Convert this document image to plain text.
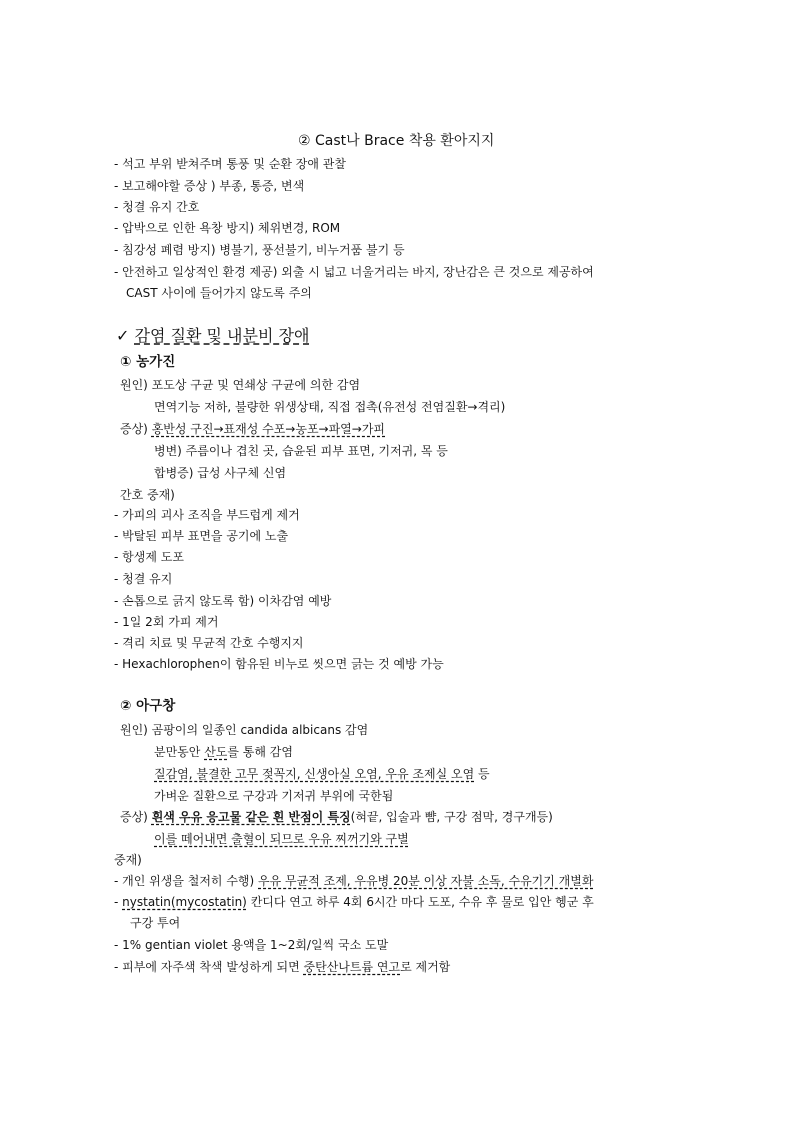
② Cast나 Brace 착용 환아지지
- 석고 부위 받쳐주며 통풍 및 순환 장애 관찰
- 보고해야할 증상 ) 부종, 통증, 변색
- 청결 유지 간호
- 압박으로 인한 욕창 방지) 체위변경, ROM
- 침강성 폐렴 방지) 병불기, 풍선불기, 비누거품 불기 등
- 안전하고 일상적인 환경 제공) 외출 시 넓고 너울거리는 바지, 장난감은 큰 것으로 제공하여
CAST 사이에 들어가지 않도록 주의
✓ 감염 질환 및 내분비 장애
① 농가진
원인) 포도상 구균 및 연쇄상 구균에 의한 감염
면역기능 저하, 불량한 위생상태, 직접 접촉(유전성 전염질환→격리)
증상) 홍반성 구진→표재성 수포→농포→파열→가피
병변) 주름이나 겹친 곳, 습윤된 피부 표면, 기저귀, 목 등
합병증) 급성 사구체 신염
간호 중재)
- 가피의 괴사 조직을 부드럽게 제거
- 박탈된 피부 표면을 공기에 노출
- 항생제 도포
- 청결 유지
- 손톱으로 긁지 않도록 함) 이차감염 예방
- 1일 2회 가피 제거
- 격리 치료 및 무균적 간호 수행지지
- Hexachlorophen이 함유된 비누로 씻으면 긁는 것 예방 가능
② 아구창
원인) 곰팡이의 일종인 candida albicans 감염
분만동안 산도를 통해 감염
질감염, 불결한 고무 젖꼭지, 신생아실 오염, 우유 조제실 오염 등
가벼운 질환으로 구강과 기저귀 부위에 국한됨
증상) 흰색 우유 응고물 같은 흰 반점이 특징(혀끝, 입술과 뺨, 구강 점막, 경구개등)
이를 떼어내면 출혈이 되므로 우유 찌꺼기와 구별
중재)
- 개인 위생을 철저히 수행) 우유 무균적 조제, 우유병 20분 이상 자불 소독, 수유기기 개별화
- nystatin(mycostatin) 칸디다 연고 하루 4회 6시간 마다 도포, 수유 후 물로 입안 헹군 후
구강 투여
- 1% gentian violet 용액을 1~2회/일씩 국소 도말
- 피부에 자주색 착색 발성하게 되면 중탄산나트륨 연고로 제거함
